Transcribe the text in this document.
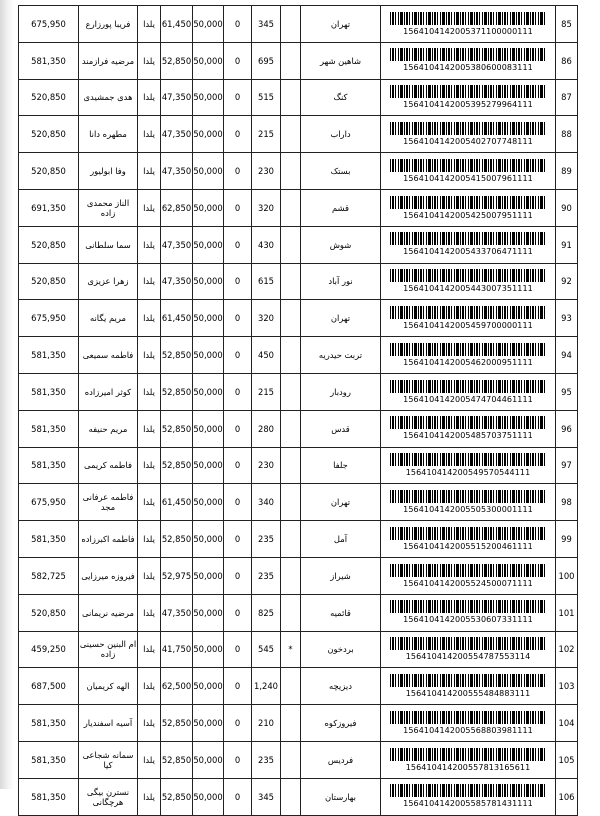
675,950	فریبا پورزارع	یلدا	61,450	50,000	0	345		تهران	1564104142005371100000111	85
581,350	مرضیه فرازمند	یلدا	52,850	50,000	0	695		شاهین شهر	1564104142005380600083111	86
520,850	هدی جمشیدی	یلدا	47,350	50,000	0	515		کنگ	1564104142005395279964111	87
520,850	مطهره دانا	یلدا	47,350	50,000	0	215		داراب	1564104142005402707748111	88
520,850	وفا ابولیور	یلدا	47,350	50,000	0	230		بستک	1564104142005415007961111	89
691,350	الناز محمدی زاده	یلدا	62,850	50,000	0	320		قشم	1564104142005425007951111	90
520,850	سما سلطانی	یلدا	47,350	50,000	0	430		شوش	1564104142005433706471111	91
520,850	زهرا عزیزی	یلدا	47,350	50,000	0	615		نور آباد	1564104142005443007351111	92
675,950	مریم یگانه	یلدا	61,450	50,000	0	320		تهران	1564104142005459700000111	93
581,350	فاطمه سمیعی	یلدا	52,850	50,000	0	450		تربت حیدریه	1564104142005462000951111	94
581,350	کوثر امیرزاده	یلدا	52,850	50,000	0	215		رودبار	1564104142005474704461111	95
581,350	مریم حنیفه	یلدا	52,850	50,000	0	280		قدس	1564104142005485703751111	96
581,350	فاطمه کریمی	یلدا	52,850	50,000	0	230		جلفا	156410414200549570544111	97
675,950	فاطمه عرفانی مجد	یلدا	61,450	50,000	0	340		تهران	1564104142005505300001111	98
581,350	فاطمه اکبرزاده	یلدا	52,850	50,000	0	235		آمل	1564104142005515200461111	99
582,725	فیروزه میرزایی	یلدا	52,975	50,000	0	235		شیراز	1564104142005524500071111	100
520,850	مرضیه نریمانی	یلدا	47,350	50,000	0	825		قائمیه	1564104142005530607331111	101
459,250	ام البنین حسینی زاده	یلدا	41,750	50,000	0	545	*	بردخون	156410414200554787553114	102
687,500	الهه کریمیان	یلدا	62,500	50,000	0	1,240		دیزیچه	156410414200555484883111	103
581,350	آسیه اسفندیار	یلدا	52,850	50,000	0	210		فیروزکوه	1564104142005568803981111	104
581,350	سمانه شجاعی کیا	یلدا	52,850	50,000	0	235		فردیس	156410414200557813165611	105
581,350	نسترن بیگی هرچگانی	یلدا	52,850	50,000	0	345		بهارستان	1564104142005585781431111	106
